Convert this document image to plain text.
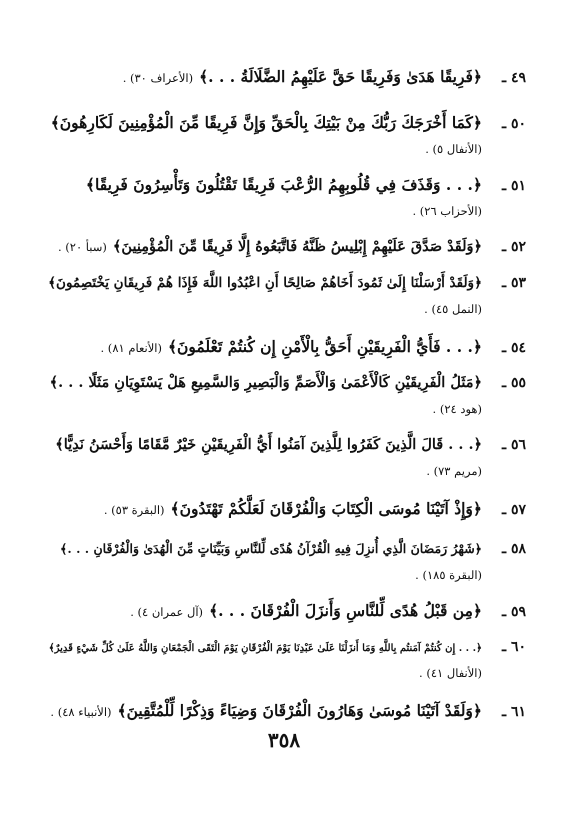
٤٩ ـ
﴿فَرِيقًا هَدَىٰ وَفَرِيقًا حَقَّ عَلَيْهِمُ الضَّلَالَةُ . . .﴾
(الأعراف ٣٠) .
٥٠ ـ
﴿كَمَا أَخْرَجَكَ رَبُّكَ مِنْ بَيْتِكَ بِالْحَقِّ وَإِنَّ فَرِيقًا مِّنَ الْمُؤْمِنِينَ لَكَارِهُونَ﴾
(الأنفال ٥) .
٥١ ـ
﴿. . . وَقَذَفَ فِي قُلُوبِهِمُ الرُّعْبَ فَرِيقًا تَقْتُلُونَ وَتَأْسِرُونَ فَرِيقًا﴾
(الأحزاب ٢٦) .
٥٢ ـ
﴿وَلَقَدْ صَدَّقَ عَلَيْهِمْ إِبْلِيسُ ظَنَّهُ فَاتَّبَعُوهُ إِلَّا فَرِيقًا مِّنَ الْمُؤْمِنِينَ﴾
(سبأ ٢٠) .
٥٣ ـ
﴿وَلَقَدْ أَرْسَلْنَا إِلَىٰ ثَمُودَ أَخَاهُمْ صَالِحًا أَنِ اعْبُدُوا اللَّهَ فَإِذَا هُمْ فَرِيقَانِ يَخْتَصِمُونَ﴾
(النمل ٤٥) .
٥٤ ـ
﴿. . . فَأَيُّ الْفَرِيقَيْنِ أَحَقُّ بِالْأَمْنِ إِن كُنتُمْ تَعْلَمُونَ﴾
(الأنعام ٨١) .
٥٥ ـ
﴿مَثَلُ الْفَرِيقَيْنِ كَالْأَعْمَىٰ وَالْأَصَمِّ وَالْبَصِيرِ وَالسَّمِيعِ هَلْ يَسْتَوِيَانِ مَثَلًا . . .﴾
(هود ٢٤) .
٥٦ ـ
﴿. . . قَالَ الَّذِينَ كَفَرُوا لِلَّذِينَ آمَنُوا أَيُّ الْفَرِيقَيْنِ خَيْرٌ مَّقَامًا وَأَحْسَنُ نَدِيًّا﴾
(مريم ٧٣) .
٥٧ ـ
﴿وَإِذْ آتَيْنَا مُوسَى الْكِتَابَ وَالْفُرْقَانَ لَعَلَّكُمْ تَهْتَدُونَ﴾
(البقرة ٥٣) .
٥٨ ـ
﴿شَهْرُ رَمَضَانَ الَّذِي أُنزِلَ فِيهِ الْقُرْآنُ هُدًى لِّلنَّاسِ وَبَيِّنَاتٍ مِّنَ الْهُدَىٰ وَالْفُرْقَانِ . . .﴾
(البقرة ١٨٥) .
٥٩ ـ
﴿مِن قَبْلُ هُدًى لِّلنَّاسِ وَأَنزَلَ الْفُرْقَانَ . . .﴾
(آل عمران ٤) .
٦٠ ـ
﴿. . . إِن كُنتُمْ آمَنتُم بِاللَّهِ وَمَا أَنزَلْنَا عَلَىٰ عَبْدِنَا يَوْمَ الْفُرْقَانِ يَوْمَ الْتَقَى الْجَمْعَانِ وَاللَّهُ عَلَىٰ كُلِّ شَيْءٍ قَدِيرٌ﴾
(الأنفال ٤١) .
٦١ ـ
﴿وَلَقَدْ آتَيْنَا مُوسَىٰ وَهَارُونَ الْفُرْقَانَ وَضِيَاءً وَذِكْرًا لِّلْمُتَّقِينَ﴾
(الأنبياء ٤٨) .
٣٥٨
